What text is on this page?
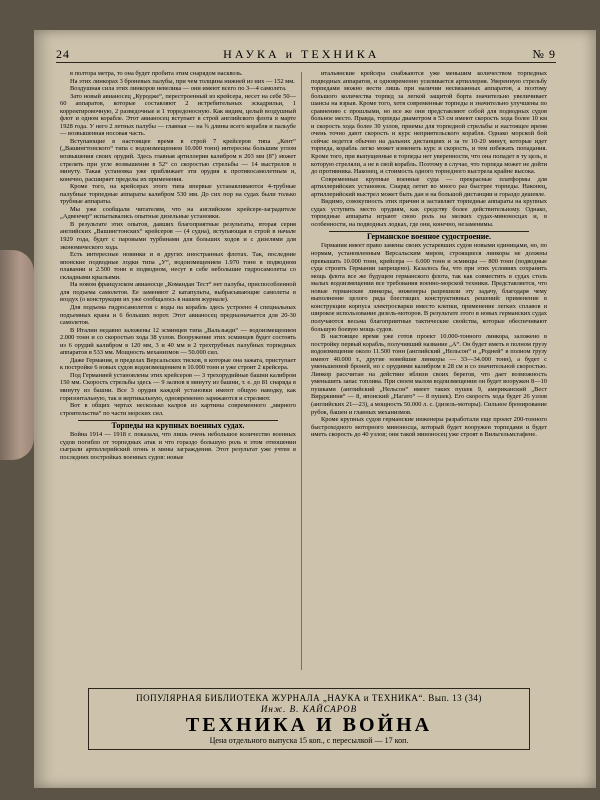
24	НАУКА и ТЕХНИКА	№ 9

в полтора метра, то она будет пробита этим снарядом насквозь.

На этих линкорах 3 броневых палубы, при чем толщина нижней из них — 152 мм.

Воздушная сила этих линкоров невелика — они имеют всего по 3—4 самолета.

Зато новый авианосец „Куродже“, перестроенный из крейсера, несет на себе 50—60 аппаратов, которые составляют 2 истребительных эскадрильи, 1 корректировочную, 2 разведочные и 1 торpедоносную. Как видим, целый воздушный флот и одном корабле. Этот авианосец вступает в строй английского флота в марте 1928 года. У него 2 летных палубы — главная — на ¾ длины всего корабля и пальубе — возвышенная носовая часть.

Вступающие в настоящее время в строй 7 крейсеров типа „Кент“ („Вашингтонского“ типа с водоизмещением 10.000 тонн) интересны большим углом возвышения своих орудий. Здесь главная артиллерия калибром в 203 мм (8") может стрелять при угле возвышения в 52° со скоростью стрельбы — 14 выстрелов в минуту. Такая установка уже приближает эти орудия к противосамолетным и, конечно, расширяет пределы их применения.

Кроме того, на крейсерах этого типа впервые устанавливаются 4-трубные палубные торпедные аппараты калибром 530 мм. До сих пор на судах были только трубные аппараты.

Мы уже сообщали читателям, что на английском крейсере-заградителе „Адвенчер“ испытывались опытные дизельные установки.

В результате этих опытов, давших благоприятные результаты, вторая серия английских „Вашингтонских“ крейсеров — (4 судна), вступающая в строй в начале 1929 года, будет с паровыми турбинами для больших ходов и с дизелями для экономического хода.

Есть интересные новинки и в других иностранных флотах. Так, последние японские подводные лодки типа „У“, водоизмещением 1.970 тонн в подводном плавании и 2.500 тонн в подводном, несут в себе небольшие гидросамолеты со складными крыльями.

На новом французском авианосце „Командан Тест“ нет палубы, приспособленной для подъема самолетов. Ее заменяют 2 катапульты, выбрасывающие самолеты в воздух (о конструкции их уже сообщалось в нашем журнале).

Для подъема гидросамолетов с воды на корабль здесь устроено 4 специальных подъемных крана и 6 больших ворот. Этот авианосец предназначается для 20-30 самолетов.

В Италии недавно заложены 12 эсминцев типа „Вальзьяди“ — водоизмещением 2.000 тонн и со скоростью хода 38 узлов. Вооружение этих эсминцев будет состоять из 6 орудий калибром в 120 мм, 3 и 40 мм и 2 трехтрубных палубных торпедных аппаратов в 533 мм. Мощность механизмов — 50.000 сил.

Даже Германия, в пределах Версальских тисков, в которые она зажата, приступает к постройке 6 новых судов водоизмещением в 10.000 тонн и уже строит 2 крейсера.

Под Германией установлены этих крейсеров — 3 трехорудийные башни калибром 150 мм. Скорость стрельбы здесь — 9 залпов в минуту из башни, т. е. до 81 снаряда в минуту из башни. Все 3 орудия каждой установки имеют общую наводку, как горизонтальную, так и вертикальную, одновременно заряжаются и стреляют.

Вот в общих чертах несколько калров из картины современного „мирного строительства“ по части морских сил.

Торпеды на крупных военных судах.

Война 1914 — 1918 г. показала, что лишь очень небольшое количество военных судов погибло от торпедных атак и что гораздо большую роль в этом отношении сыграли артиллерийский огонь и мины заграждения. Этот результат уже учтен в последних постройках военных судов: новые

итальянские крейсера снабжаются уже меньшим количеством торпедных подводных аппаратов, и одновременно усиливается артиллерия. Уверенную стрельбу торпедами можно вести лишь при наличии несвязанных аппаратов, а поэтому большого количества торпед за легкой защитой борта значительно увеличивает шансы на взрыв. Кроме того, хотя современные торпеды и значительно улучшены по сравнению с прошлыми, но все же они представляют собой для подводных судов больное место. Правда, торпеды диаметром в 53 см имеют скорость хода более 10 км и скорость хода более 30 узлов, приемы для торпедной стрельбы и настоящее время очень точно дают скорость и курс неприятельского корабля. Однако морской бой сейчас ведется обычно на дальних дистанциях и за те 10-20 минут, которые идет торпеда, корабль легко может изменить курс и скорость, и тем избежать попадания. Кроме того, при выпущенные в торпеды нет уверенности, что она попадет в ту цель, в которую стреляли, а не в свой корабль. Поэтому в случае, что торпеда может не дойти до противника. Наконец, и стоимость одного торпедного выстрела крайне высока.

Современные крупные военные суда — прекрасные платформы для артиллерийских установок. Снаряд летит во много раз быстрее торпеды. Наконец, артиллерийский выстрел может быть дан и на большой дистанции и гораздо дешевле.

Видимо, совокупность этих причин и заставляет торпедные аппараты на крупных судах уступить место орудиям, как средству более действительному. Однако, торпедные аппараты играют свою роль на мелких судах-миноносцах и, в особенности, на подводных лодках, где они, конечно, незаменимы.

Германское военное судостроение.

Германия имеет право замены своих устаревших судов новыми единицами, но, по нормам, установленным Версальским миром, строящиеся линкоры не должны превышать 10.000 тонн, крейсера — 6.000 тонн и эсминцы — 800 тонн (подводные суда строить Германии запрещено). Казалось бы, что при этих условиях сохранить мощь флота все же будущем германского флота, так как совместить в судах столь малых водоизмещении все требования военно-морской техники. Представляется, что новые германские линкоры, инженеры разрешили эту задачу, благодаря чему выполнение целого ряда блестящих конструктивных решений: применение в конструкции корпуса электросварки вместо клепки, применение легких сплавов и широкое использование дизель-моторов. В результате этого в новых германских судах получаются весьма благоприятные тактические свойства, которые обеспечивают большую боевую мощь судов.

В настоящее время уже готов проект 10.000-тонного линкора, заложено в постройку первый корабль, получивший название „А“. Он будет иметь в полном грузу водоизмещение около 11.500 тонн (английский „Нельсон“ и „Родней“ в полном грузу имеют 40.000 т., другие новейшие линкоры — 33—34.000 тонн), а будет с уменьшенной броней, но с орудиями калибром в 28 см и со значительной скоростью. Линкор рассчитан на действие вблизи своих берегов, что дает возможность уменьшить запас топлива. При своем малом водоизмещении он будет вооружен 8—10 пушками (английский „Нельсон“ имеет таких пушек 9, американский „Вест Вирджиния“ — 8, японский „Нагато“ — 8 пушек). Его скорость хода будет 26 узлов (английских 21—23), а мощность 50.000 л. с. (дизель-моторы). Сильное бронирование рубок, башен и главных механизмов.

Кроме крупных судов германские инженеры разработали еще проект 200-тонного быстроходного моторного миноносца, который будет вооружен торпедами и будет иметь скорость до 40 узлов; они такой миноносец уже строят в Вильгельмсгафене.

ПОПУЛЯРНАЯ БИБЛИОТЕКА ЖУРНАЛА „НАУКА и ТЕХНИКА“. Вып. 13 (34)
Инж. В. КАЙСАРОВ
ТЕХНИКА И ВОЙНА
Цена отдельного выпуска 15 коп., с пересылкой — 17 коп.
